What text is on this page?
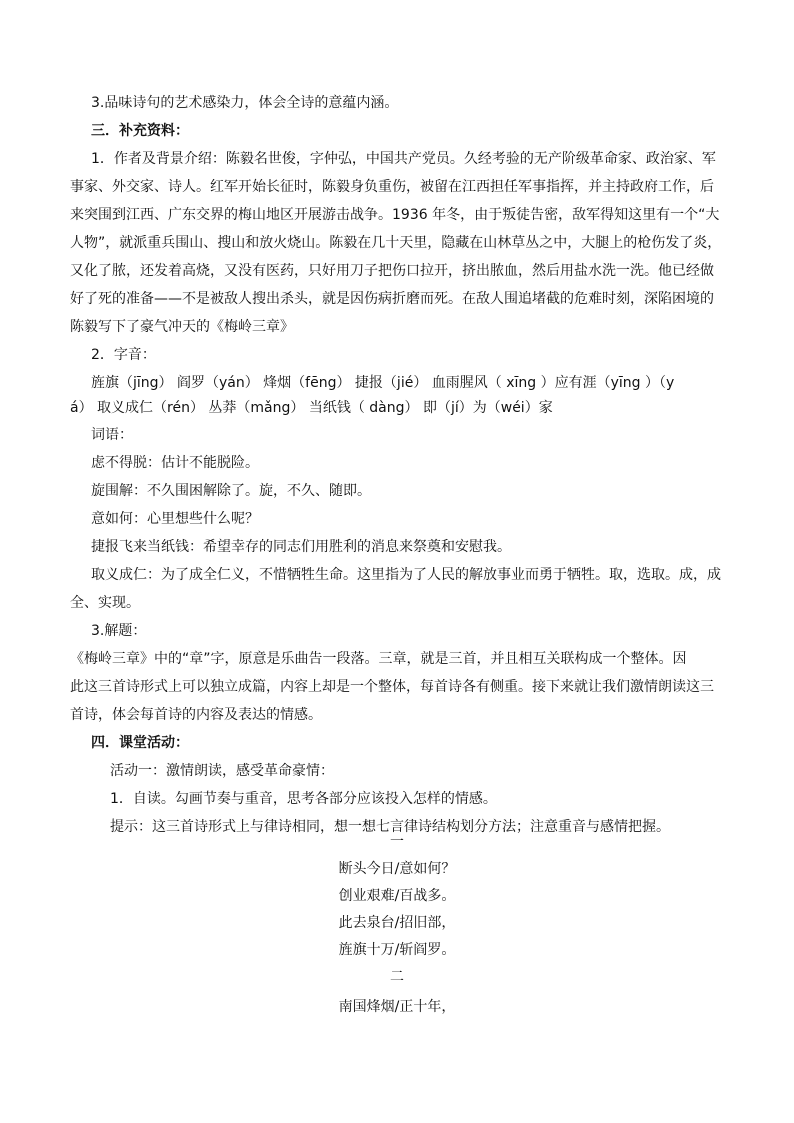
3.品味诗句的艺术感染力，体会全诗的意蕴内涵。
三．补充资料：
1．作者及背景介绍：陈毅名世俊，字仲弘，中国共产党员。久经考验的无产阶级革命家、政治家、军
事家、外交家、诗人。红军开始长征时，陈毅身负重伤，被留在江西担任军事指挥，并主持政府工作，后
来突围到江西、广东交界的梅山地区开展游击战争。1936 年冬，由于叛徒告密，敌军得知这里有一个“大
人物”，就派重兵围山、搜山和放火烧山。陈毅在几十天里，隐藏在山林草丛之中，大腿上的枪伤发了炎，
又化了脓，还发着高烧，又没有医药，只好用刀子把伤口拉开，挤出脓血，然后用盐水洗一洗。他已经做
好了死的准备——不是被敌人搜出杀头，就是因伤病折磨而死。在敌人围追堵截的危难时刻，深陷困境的
陈毅写下了豪气冲天的《梅岭三章》
2．字音：
旌旗（jīng） 阎罗（yán） 烽烟（fēng） 捷报（jié） 血雨腥风（ xīng ）应有涯（yīng ）（y
á） 取义成仁（rén） 丛莽（mǎng） 当纸钱（ dàng） 即（jí）为（wéi）家
词语：
虑不得脱：估计不能脱险。
旋围解：不久围困解除了。旋，不久、随即。
意如何：心里想些什么呢？
捷报飞来当纸钱：希望幸存的同志们用胜利的消息来祭奠和安慰我。
取义成仁：为了成全仁义，不惜牺牲生命。这里指为了人民的解放事业而勇于牺牲。取，选取。成，成
全、实现。
3.解题：
《梅岭三章》中的“章”字，原意是乐曲告一段落。三章，就是三首，并且相互关联构成一个整体。因
此这三首诗形式上可以独立成篇，内容上却是一个整体，每首诗各有侧重。接下来就让我们激情朗读这三
首诗，体会每首诗的内容及表达的情感。
四．课堂活动：
活动一：激情朗读，感受革命豪情：
1．自读。勾画节奏与重音，思考各部分应该投入怎样的情感。
提示：这三首诗形式上与律诗相同，想一想七言律诗结构划分方法；注意重音与感情把握。
一
断头今日/意如何？
创业艰难/百战多。
此去泉台/招旧部，
旌旗十万/斩阎罗。
二
南国烽烟/正十年，
